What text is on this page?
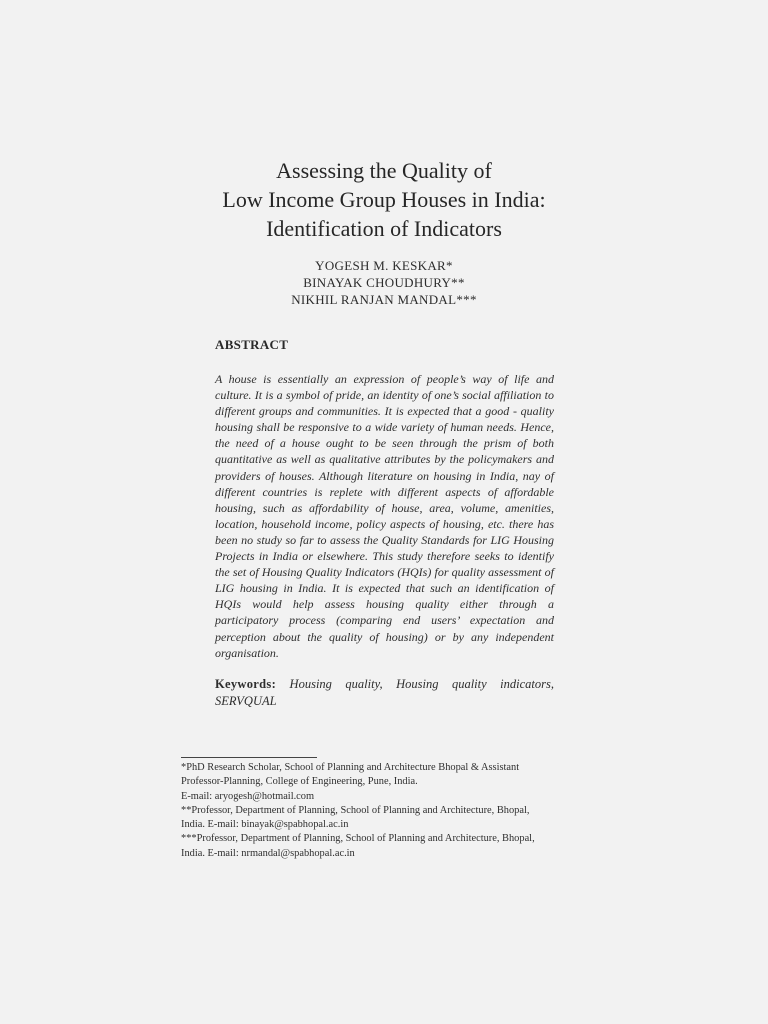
Assessing the Quality of
Low Income Group Houses in India:
Identification of Indicators
YOGESH M. KESKAR*
BINAYAK CHOUDHURY**
NIKHIL RANJAN MANDAL***
ABSTRACT

A house is essentially an expression of people’s way of life and culture. It is a symbol of pride, an identity of one’s social affiliation to different groups and communities. It is expected that a good - quality housing shall be responsive to a wide variety of human needs. Hence, the need of a house ought to be seen through the prism of both quantitative as well as qualitative attributes by the policymakers and providers of houses. Although literature on housing in India, nay of different countries is replete with different aspects of affordable housing, such as affordability of house, area, volume, amenities, location, household income, policy aspects of housing, etc. there has been no study so far to assess the Quality Standards for LIG Housing Projects in India or elsewhere. This study therefore seeks to identify the set of Housing Quality Indicators (HQIs) for quality assessment of LIG housing in India. It is expected that such an identification of HQIs would help assess housing quality either through a participatory process (comparing end users’ expectation and perception about the quality of housing) or by any independent organisation.

Keywords: Housing quality, Housing quality indicators, SERVQUAL

*PhD Research Scholar, School of Planning and Architecture Bhopal & Assistant

Professor-Planning, College of Engineering, Pune, India.

E-mail: aryogesh@hotmail.com

**Professor, Department of Planning, School of Planning and Architecture, Bhopal,

India. E-mail: binayak@spabhopal.ac.in

***Professor, Department of Planning, School of Planning and Architecture, Bhopal,

India. E-mail: nrmandal@spabhopal.ac.in
